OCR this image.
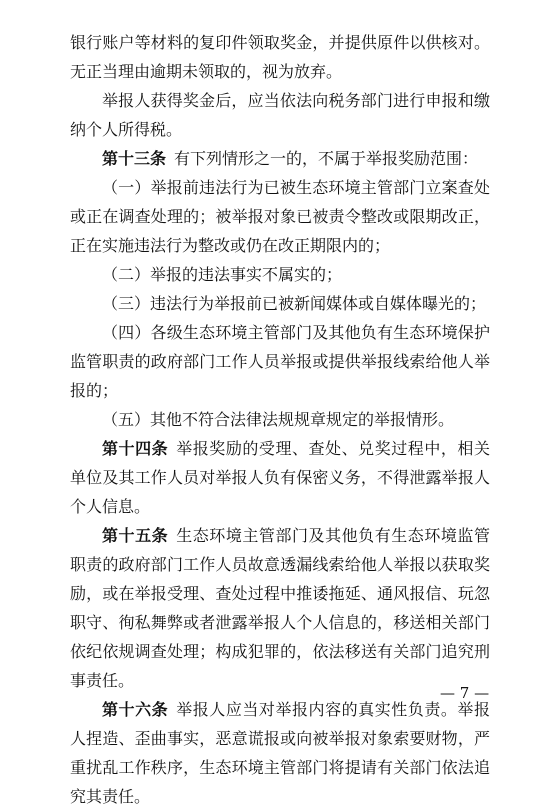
银行账户等材料的复印件领取奖金，并提供原件以供核对。无正当理由逾期未领取的，视为放弃。

举报人获得奖金后，应当依法向税务部门进行申报和缴纳个人所得税。

第十三条 有下列情形之一的，不属于举报奖励范围：

（一）举报前违法行为已被生态环境主管部门立案查处或正在调查处理的；被举报对象已被责令整改或限期改正，正在实施违法行为整改或仍在改正期限内的；

（二）举报的违法事实不属实的；

（三）违法行为举报前已被新闻媒体或自媒体曝光的；

（四）各级生态环境主管部门及其他负有生态环境保护监管职责的政府部门工作人员举报或提供举报线索给他人举报的；

（五）其他不符合法律法规规章规定的举报情形。

第十四条 举报奖励的受理、查处、兑奖过程中，相关单位及其工作人员对举报人负有保密义务，不得泄露举报人个人信息。

第十五条 生态环境主管部门及其他负有生态环境监管职责的政府部门工作人员故意透漏线索给他人举报以获取奖励，或在举报受理、查处过程中推诿拖延、通风报信、玩忽职守、徇私舞弊或者泄露举报人个人信息的，移送相关部门依纪依规调查处理；构成犯罪的，依法移送有关部门追究刑事责任。

第十六条 举报人应当对举报内容的真实性负责。举报人捏造、歪曲事实，恶意谎报或向被举报对象索要财物，严重扰乱工作秩序，生态环境主管部门将提请有关部门依法追究其责任。

— 7 —
